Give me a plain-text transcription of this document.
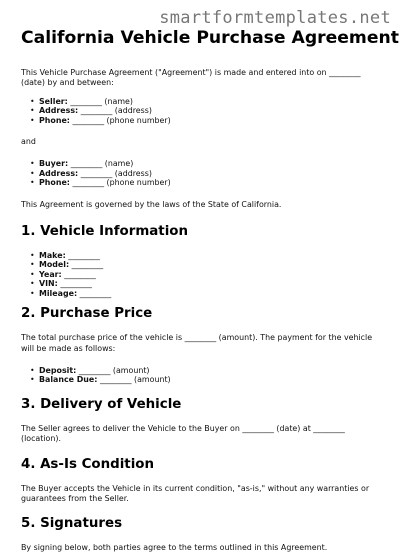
smartformtemplates.net
California Vehicle Purchase Agreement

This Vehicle Purchase Agreement ("Agreement") is made and entered into on ________
(date) by and between:

• Seller: ________ (name)
• Address: ________ (address)
• Phone: ________ (phone number)

and

• Buyer: ________ (name)
• Address: ________ (address)
• Phone: ________ (phone number)

This Agreement is governed by the laws of the State of California.

1. Vehicle Information
• Make: ________
• Model: ________
• Year: ________
• VIN: ________
• Mileage: ________
2. Purchase Price

The total purchase price of the vehicle is ________ (amount). The payment for the vehicle
will be made as follows:

• Deposit: ________ (amount)
• Balance Due: ________ (amount)
3. Delivery of Vehicle

The Seller agrees to deliver the Vehicle to the Buyer on ________ (date) at ________
(location).

4. As-Is Condition

The Buyer accepts the Vehicle in its current condition, "as-is," without any warranties or
guarantees from the Seller.

5. Signatures

By signing below, both parties agree to the terms outlined in this Agreement.
